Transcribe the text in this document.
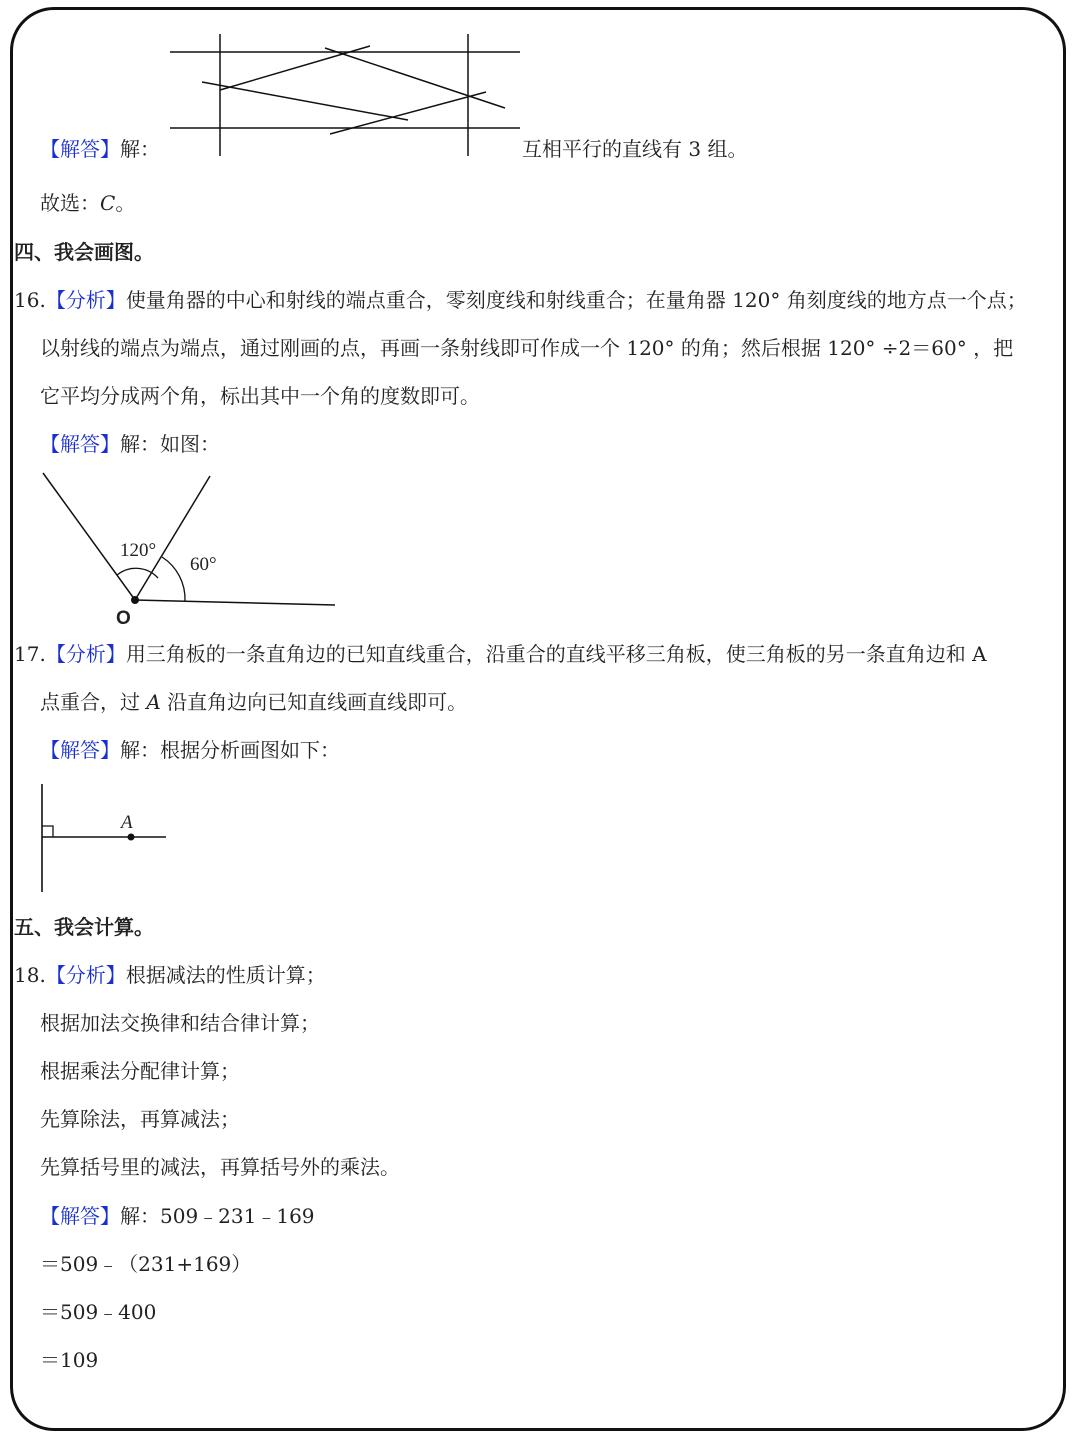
【解答】解：	互相平行的直线有 3 组。
故选：C。
四、我会画图。
16.【分析】使量角器的中心和射线的端点重合，零刻度线和射线重合；在量角器 120° 角刻度线的地方点一个点；
以射线的端点为端点，通过刚画的点，再画一条射线即可作成一个 120° 的角；然后根据 120° ÷2＝60° ，把
它平均分成两个角，标出其中一个角的度数即可。
【解答】解：如图：
120°
60°
O
17.【分析】用三角板的一条直角边的已知直线重合，沿重合的直线平移三角板，使三角板的另一条直角边和 A
点重合，过 A 沿直角边向已知直线画直线即可。
【解答】解：根据分析画图如下：
A
五、我会计算。
18.【分析】根据减法的性质计算；
根据加法交换律和结合律计算；
根据乘法分配律计算；
先算除法，再算减法；
先算括号里的减法，再算括号外的乘法。
【解答】解：509﹣231﹣169
＝509﹣（231+169）
＝509﹣400
＝109
